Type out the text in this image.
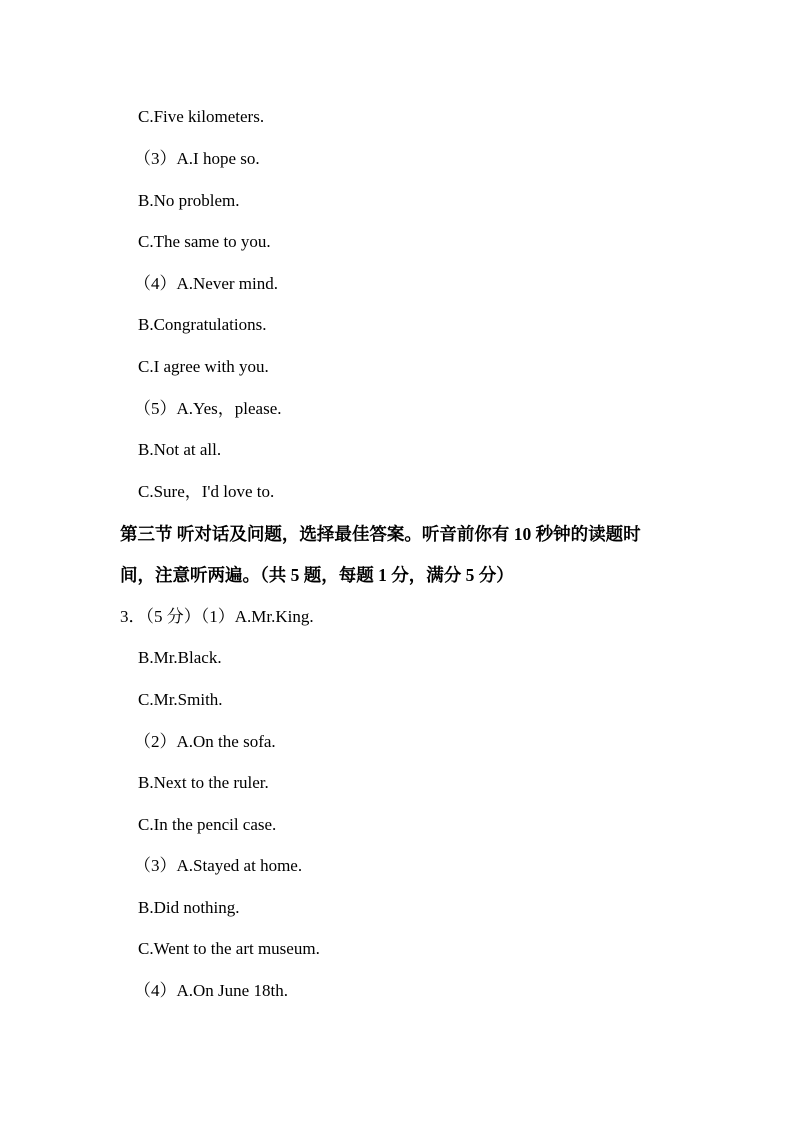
C.Five kilometers.
（3）A.I hope so.
B.No problem.
C.The same to you.
（4）A.Never mind.
B.Congratulations.
C.I agree with you.
（5）A.Yes，please.
B.Not at all.
C.Sure，I'd love to.
第三节 听对话及问题，选择最佳答案。听音前你有 10 秒钟的读题时
间，注意听两遍。（共 5 题，每题 1 分，满分 5 分）
3．（5 分）（1）A.Mr.King.
B.Mr.Black.
C.Mr.Smith.
（2）A.On the sofa.
B.Next to the ruler.
C.In the pencil case.
（3）A.Stayed at home.
B.Did nothing.
C.Went to the art museum.
（4）A.On June 18th.
